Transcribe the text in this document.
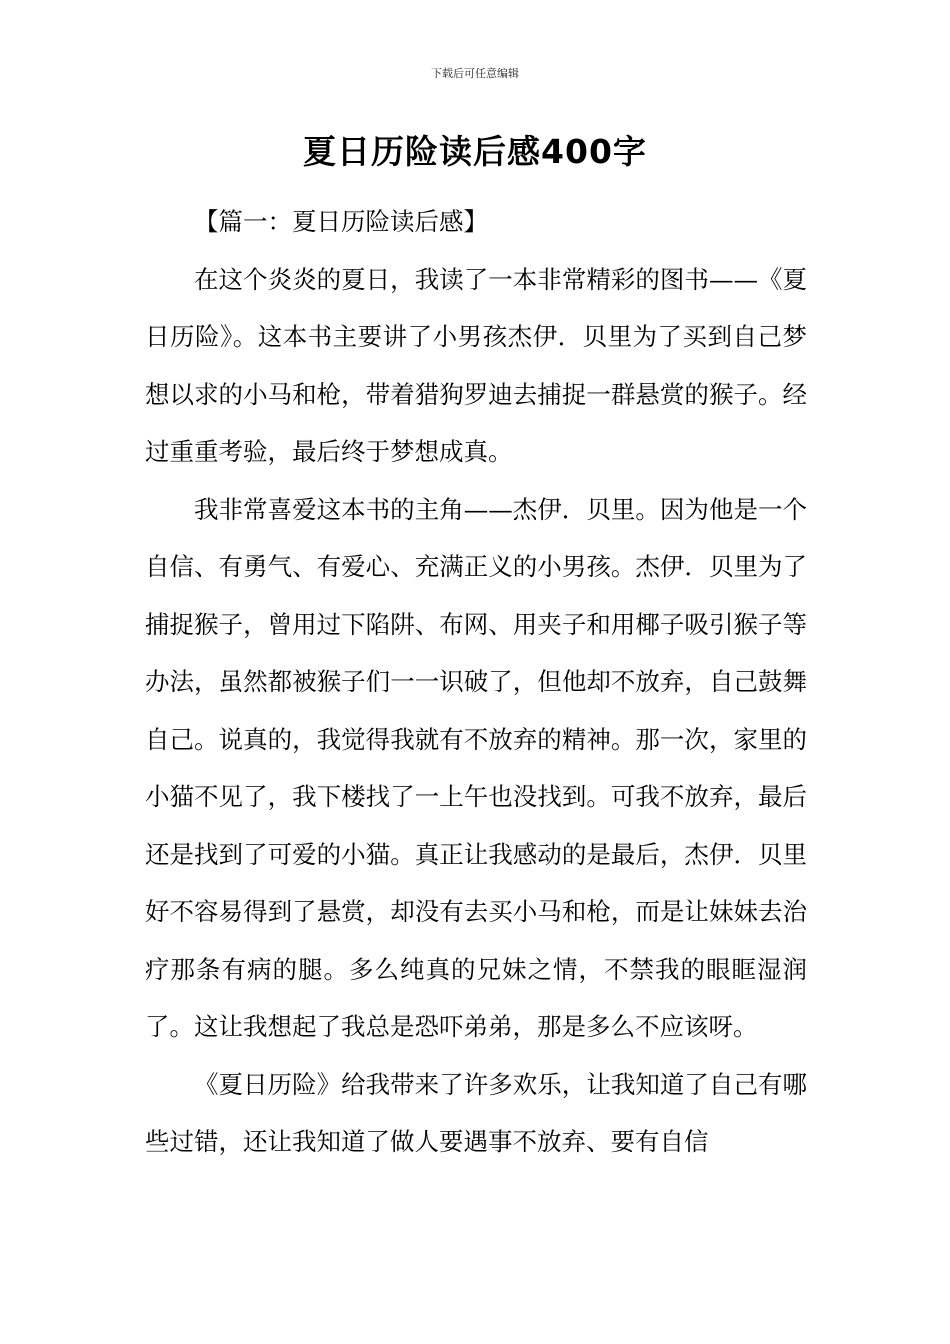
下载后可任意编辑
夏日历险读后感400字

【篇一：夏日历险读后感】

在这个炎炎的夏日，我读了一本非常精彩的图书——《夏日历险》。这本书主要讲了小男孩杰伊．贝里为了买到自己梦想以求的小马和枪，带着猎狗罗迪去捕捉一群悬赏的猴子。经过重重考验，最后终于梦想成真。

我非常喜爱这本书的主角——杰伊．贝里。因为他是一个自信、有勇气、有爱心、充满正义的小男孩。杰伊．贝里为了捕捉猴子，曾用过下陷阱、布网、用夹子和用椰子吸引猴子等办法，虽然都被猴子们一一识破了，但他却不放弃，自己鼓舞自己。说真的，我觉得我就有不放弃的精神。那一次，家里的小猫不见了，我下楼找了一上午也没找到。可我不放弃，最后还是找到了可爱的小猫。真正让我感动的是最后，杰伊．贝里好不容易得到了悬赏，却没有去买小马和枪，而是让妹妹去治疗那条有病的腿。多么纯真的兄妹之情，不禁我的眼眶湿润了。这让我想起了我总是恐吓弟弟，那是多么不应该呀。

《夏日历险》给我带来了许多欢乐，让我知道了自己有哪些过错，还让我知道了做人要遇事不放弃、要有自信
